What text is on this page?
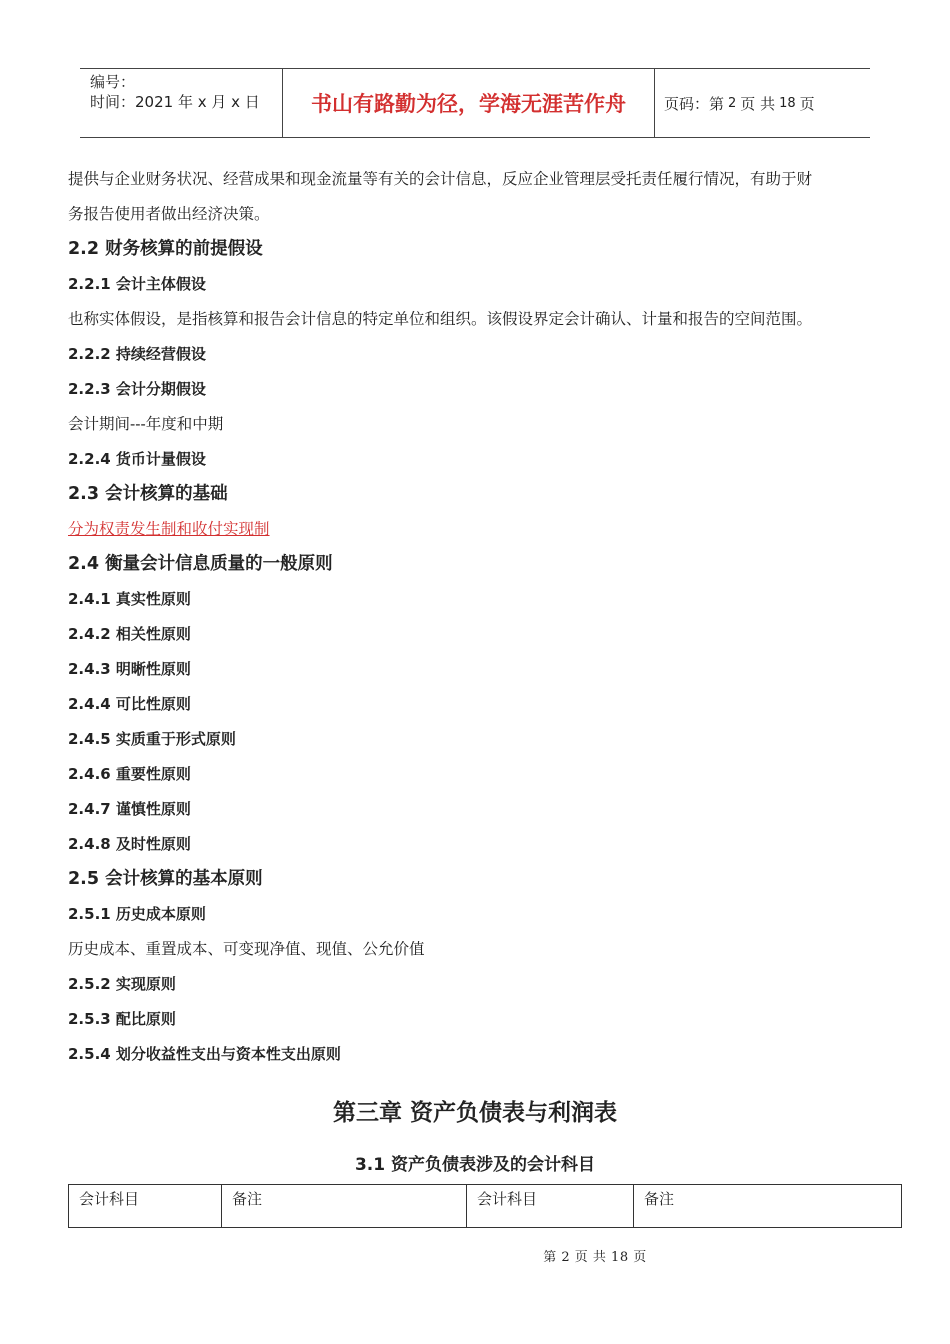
编号：
时间：2021 年 x 月 x 日	书山有路勤为径，学海无涯苦作舟	页码：第 2 页 共 18 页

提供与企业财务状况、经营成果和现金流量等有关的会计信息，反应企业管理层受托责任履行情况，有助于财

务报告使用者做出经济决策。

2.2 财务核算的前提假设

2.2.1 会计主体假设

也称实体假设，是指核算和报告会计信息的特定单位和组织。该假设界定会计确认、计量和报告的空间范围。

2.2.2 持续经营假设

2.2.3 会计分期假设

会计期间---年度和中期

2.2.4 货币计量假设

2.3 会计核算的基础

分为权责发生制和收付实现制

2.4 衡量会计信息质量的一般原则

2.4.1 真实性原则

2.4.2 相关性原则

2.4.3 明晰性原则

2.4.4 可比性原则

2.4.5 实质重于形式原则

2.4.6 重要性原则

2.4.7 谨慎性原则

2.4.8 及时性原则

2.5 会计核算的基本原则

2.5.1 历史成本原则

历史成本、重置成本、可变现净值、现值、公允价值

2.5.2 实现原则

2.5.3 配比原则

2.5.4 划分收益性支出与资本性支出原则

第三章 资产负债表与利润表
3.1 资产负债表涉及的会计科目
会计科目	备注	会计科目	备注
第 2 页 共 18 页
